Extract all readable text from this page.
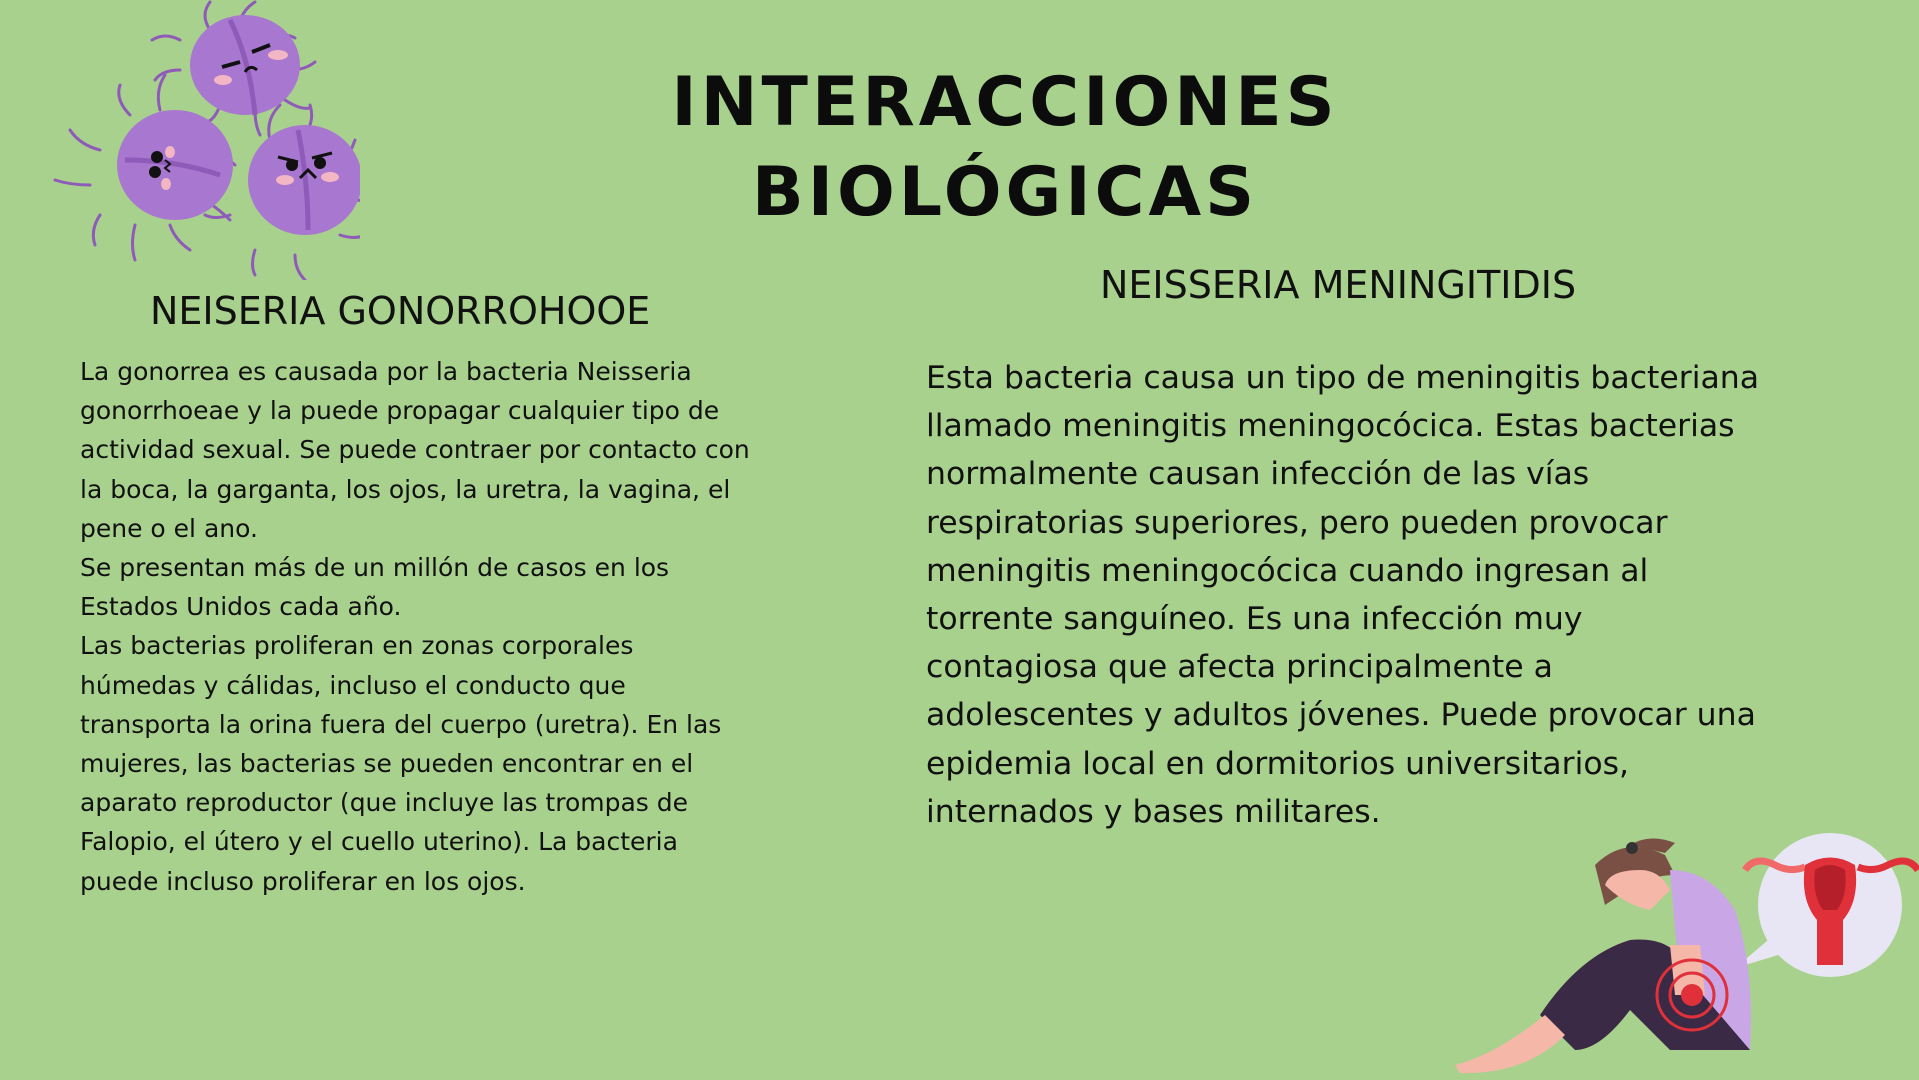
INTERACCIONES BIOLÓGICAS
NEISERIA GONORROHOOE
La gonorrea es causada por la bacteria Neisseria
gonorrhoeae y la puede propagar cualquier tipo de
actividad sexual. Se puede contraer por contacto con
la boca, la garganta, los ojos, la uretra, la vagina, el
pene o el ano.
Se presentan más de un millón de casos en los
Estados Unidos cada año.
Las bacterias proliferan en zonas corporales
húmedas y cálidas, incluso el conducto que
transporta la orina fuera del cuerpo (uretra). En las
mujeres, las bacterias se pueden encontrar en el
aparato reproductor (que incluye las trompas de
Falopio, el útero y el cuello uterino). La bacteria
puede incluso proliferar en los ojos.
NEISSERIA MENINGITIDIS
Esta bacteria causa un tipo de meningitis bacteriana
llamado meningitis meningocócica. Estas bacterias
normalmente causan infección de las vías
respiratorias superiores, pero pueden provocar
meningitis meningocócica cuando ingresan al
torrente sanguíneo. Es una infección muy
contagiosa que afecta principalmente a
adolescentes y adultos jóvenes. Puede provocar una
epidemia local en dormitorios universitarios,
internados y bases militares.
